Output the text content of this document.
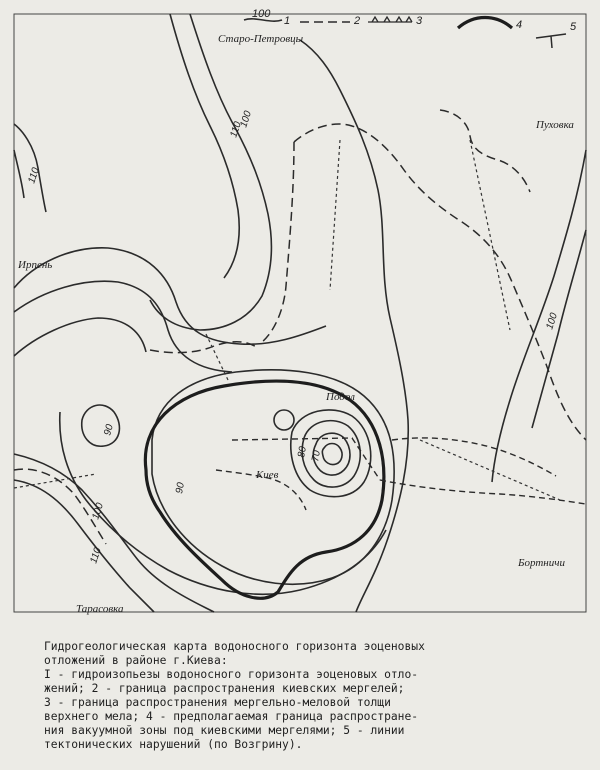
100
1	2	3	4	5
Старо-Петровцы
Пуховка
Ирпень
Подол
Киев
Бортничи
Тарасовка
110
100
110
100
90
100
110
90
80 70
Гидрогеологическая карта водоносного горизонта эоценовых
отложений в районе г.Киева:
I - гидроизопьезы водоносного горизонта эоценовых отло-
жений; 2 - граница распространения киевских мергелей;
3 - граница распространения мергельно-меловой толщи
верхнего мела; 4 - предполагаемая граница распростране-
ния вакуумной зоны под киевскими мергелями; 5 - линии
тектонических нарушений (по Возгрину).
